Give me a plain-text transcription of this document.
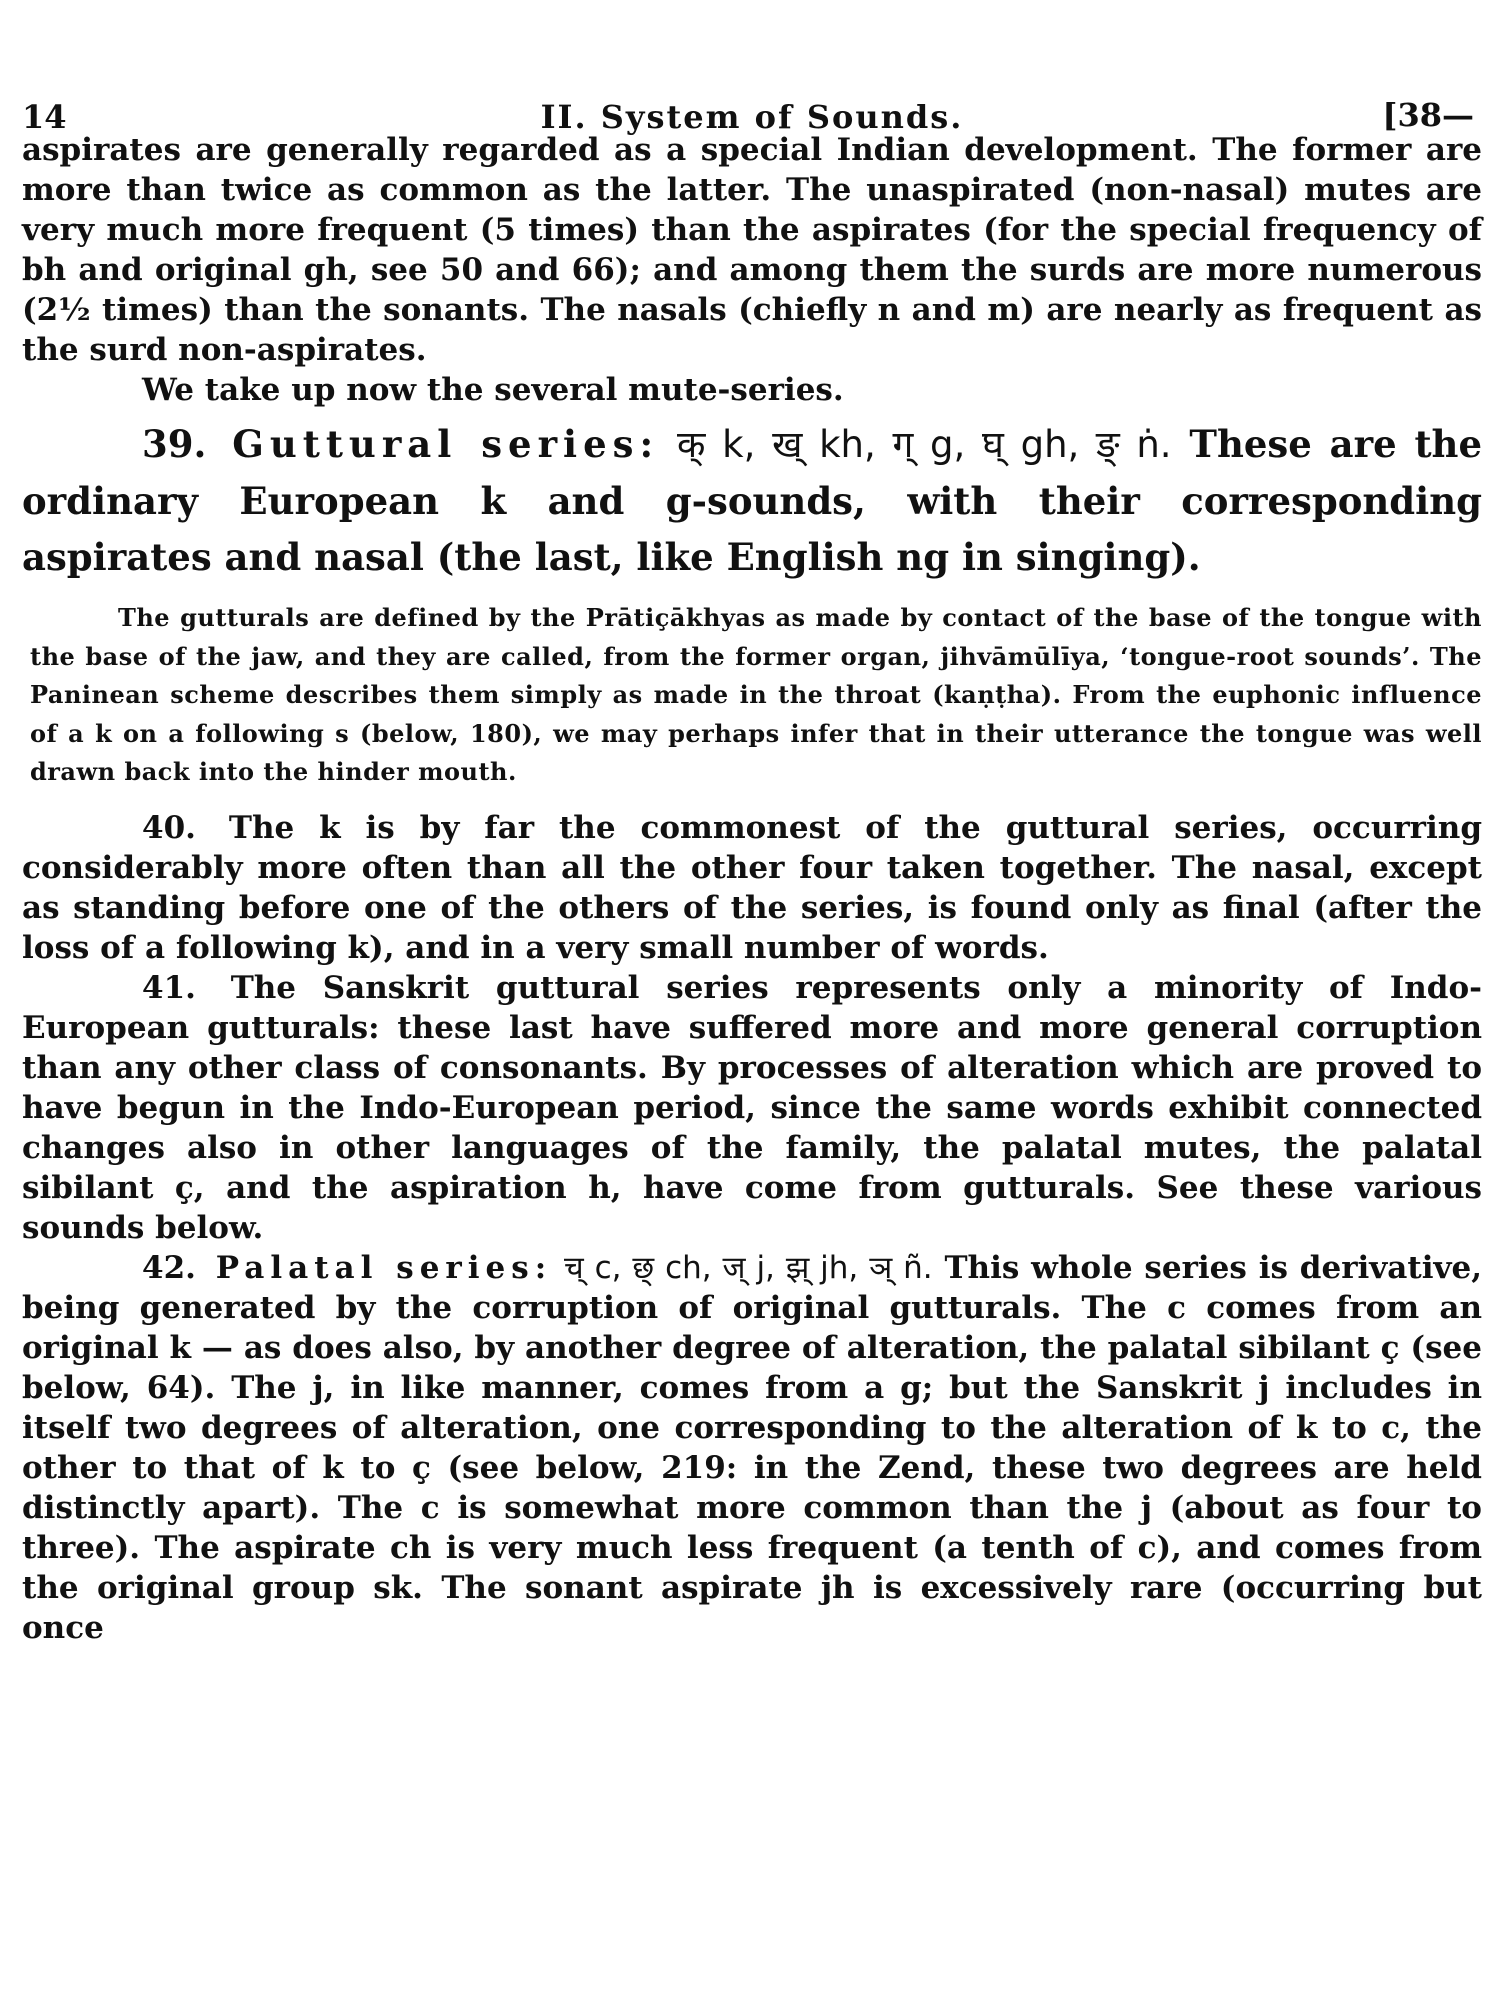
14	II. System of Sounds.	[38—

aspirates are generally regarded as a special Indian development. The former are more than twice as common as the latter. The unaspirated (non-nasal) mutes are very much more frequent (5 times) than the aspirates (for the special frequency of bh and original gh, see 50 and 66); and among them the surds are more numerous (2½ times) than the sonants. The nasals (chiefly n and m) are nearly as frequent as the surd non-aspirates.

We take up now the several mute-series.

39. Guttural series: क् k, ख् kh, ग् g, घ् gh, ङ् ṅ. These are the ordinary European k and g-sounds, with their corresponding aspirates and nasal (the last, like English ng in singing).

The gutturals are defined by the Prātiçākhyas as made by contact of the base of the tongue with the base of the jaw, and they are called, from the former organ, jihvāmūlīya, ‘tongue-root sounds’. The Paninean scheme describes them simply as made in the throat (kaṇṭha). From the euphonic influence of a k on a following s (below, 180), we may perhaps infer that in their utterance the tongue was well drawn back into the hinder mouth.

40. The k is by far the commonest of the guttural series, occurring considerably more often than all the other four taken together. The nasal, except as standing before one of the others of the series, is found only as final (after the loss of a following k), and in a very small number of words.

41. The Sanskrit guttural series represents only a minority of Indo-European gutturals: these last have suffered more and more general corruption than any other class of consonants. By processes of alteration which are proved to have begun in the Indo-European period, since the same words exhibit connected changes also in other languages of the family, the palatal mutes, the palatal sibilant ç, and the aspiration h, have come from gutturals. See these various sounds below.

42. Palatal series: च् c, छ् ch, ज् j, झ् jh, ञ् ñ. This whole series is derivative, being generated by the corruption of original gutturals. The c comes from an original k — as does also, by another degree of alteration, the palatal sibilant ç (see below, 64). The j, in like manner, comes from a g; but the Sanskrit j includes in itself two degrees of alteration, one corresponding to the alteration of k to c, the other to that of k to ç (see below, 219: in the Zend, these two degrees are held distinctly apart). The c is somewhat more common than the j (about as four to three). The aspirate ch is very much less frequent (a tenth of c), and comes from the original group sk. The sonant aspirate jh is excessively rare (occurring but once
